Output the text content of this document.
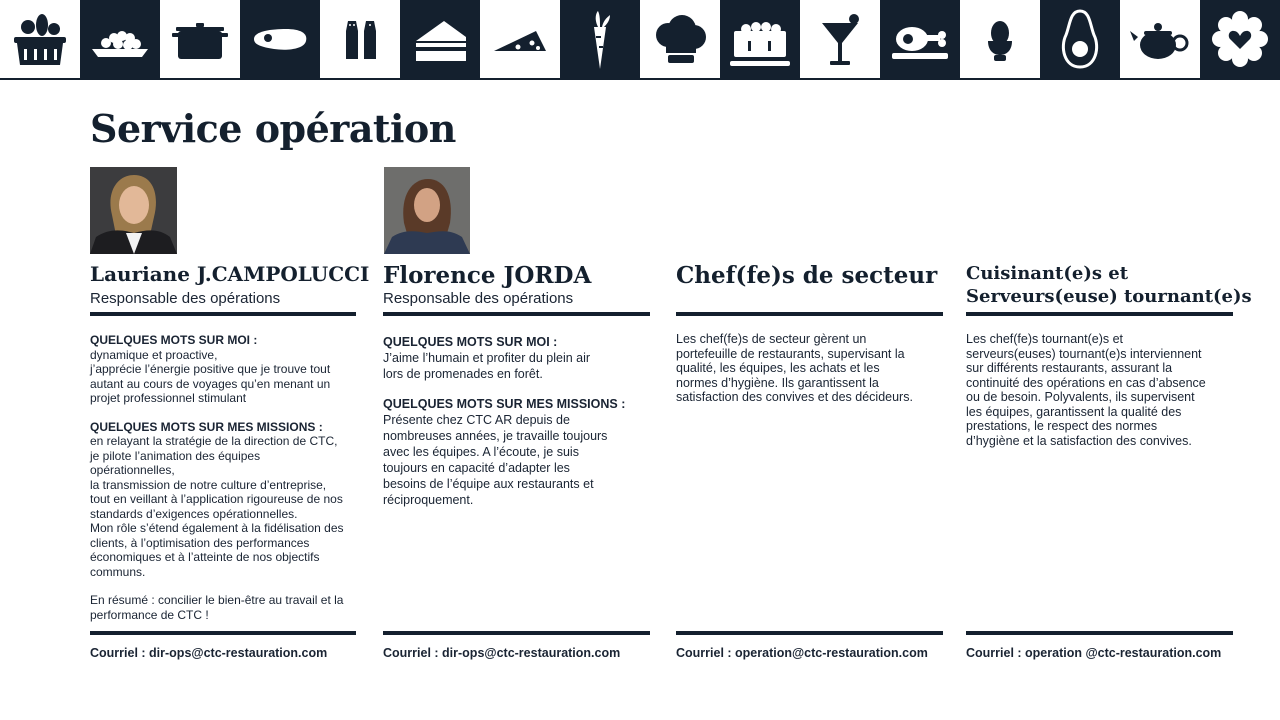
Service opération
Lauriane J.CAMPOLUCCI
Responsable des opérations
Florence JORDA
Responsable des opérations
Chef(fe)s de secteur Cuisinant(e)s et
Serveurs(euse) tournant(e)s

QUELQUES MOTS SUR MOI :

dynamique et proactive,

j’apprécie l’énergie positive que je trouve tout

autant au cours de voyages qu’en menant un

projet professionnel stimulant

QUELQUES MOTS SUR MES MISSIONS :

en relayant la stratégie de la direction de CTC,

je pilote l’animation des équipes

opérationnelles,

la transmission de notre culture d’entreprise,

tout en veillant à l’application rigoureuse de nos

standards d’exigences opérationnelles.

Mon rôle s’étend également à la fidélisation des

clients, à l’optimisation des performances

économiques et à l’atteinte de nos objectifs

communs.

En résumé : concilier le bien-être au travail et la

performance de CTC !

QUELQUES MOTS SUR MOI :

J’aime l’humain et profiter du plein air

lors de promenades en forêt.

QUELQUES MOTS SUR MES MISSIONS :

Présente chez CTC AR depuis de

nombreuses années, je travaille toujours

avec les équipes. A l’écoute, je suis

toujours en capacité d’adapter les

besoins de l’équipe aux restaurants et

réciproquement.

Les chef(fe)s de secteur gèrent un

portefeuille de restaurants, supervisant la

qualité, les équipes, les achats et les

normes d’hygiène. Ils garantissent la

satisfaction des convives et des décideurs.

Les chef(fe)s tournant(e)s et

serveurs(euses) tournant(e)s interviennent

sur différents restaurants, assurant la

continuité des opérations en cas d’absence

ou de besoin. Polyvalents, ils supervisent

les équipes, garantissent la qualité des

prestations, le respect des normes

d’hygiène et la satisfaction des convives.

Courriel : dir-ops@ctc-restauration.com	Courriel : dir-ops@ctc-restauration.com	Courriel : operation@ctc-restauration.com	Courriel : operation @ctc-restauration.com
